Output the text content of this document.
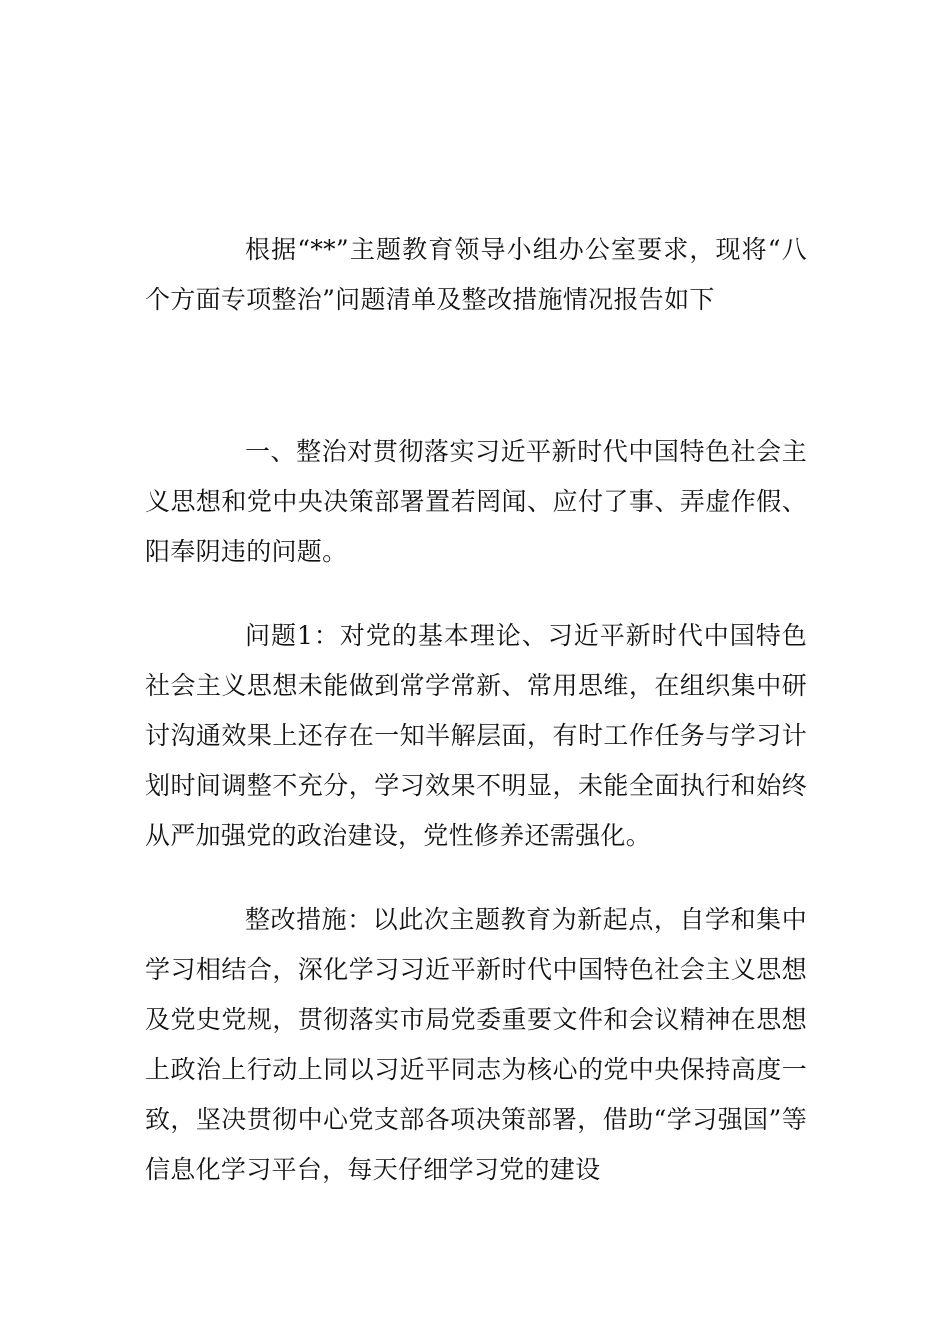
根据“**”主题教育领导小组办公室要求，现将“八个方面专项整治”问题清单及整改措施情况报告如下

一、整治对贯彻落实习近平新时代中国特色社会主义思想和党中央决策部署置若罔闻、应付了事、弄虚作假、阳奉阴违的问题。

问题1：对党的基本理论、习近平新时代中国特色社会主义思想未能做到常学常新、常用思维，在组织集中研讨沟通效果上还存在一知半解层面，有时工作任务与学习计划时间调整不充分，学习效果不明显，未能全面执行和始终从严加强党的政治建设，党性修养还需强化。

整改措施：以此次主题教育为新起点，自学和集中学习相结合，深化学习习近平新时代中国特色社会主义思想及党史党规，贯彻落实市局党委重要文件和会议精神在思想上政治上行动上同以习近平同志为核心的党中央保持高度一致，坚决贯彻中心党支部各项决策部署，借助“学习强国”等信息化学习平台，每天仔细学习党的建设
